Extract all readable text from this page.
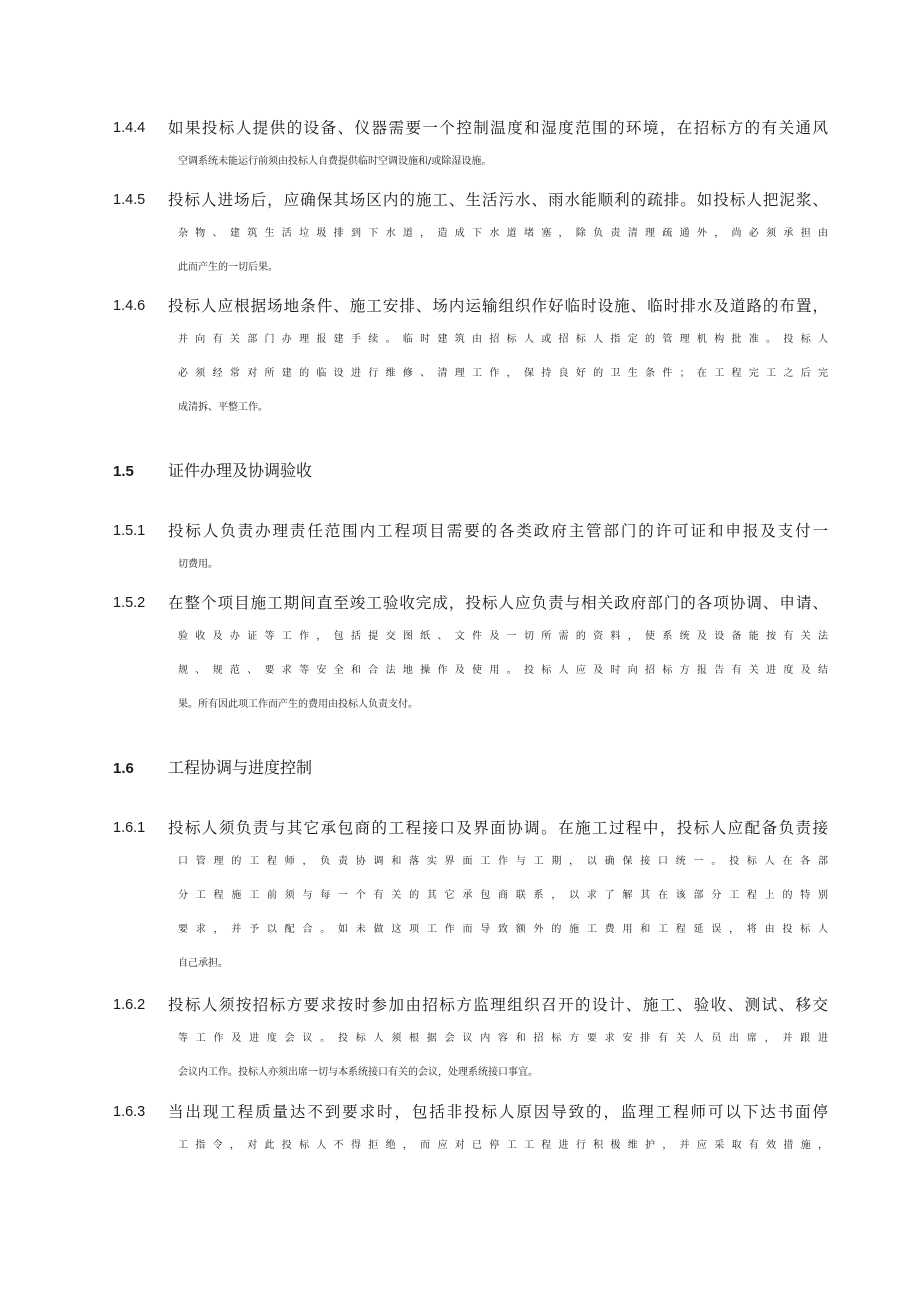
1.4.4	如果投标人提供的设备、仪器需要一个控制温度和湿度范围的环境，在招标方的有关通风
空调系统未能运行前须由投标人自费提供临时空调设施和/或除湿设施。
1.4.5	投标人进场后，应确保其场区内的施工、生活污水、雨水能顺利的疏排。如投标人把泥浆、
杂物、建筑生活垃圾排到下水道，造成下水道堵塞，除负责清理疏通外，尚必须承担由
此而产生的一切后果。
1.4.6	投标人应根据场地条件、施工安排、场内运输组织作好临时设施、临时排水及道路的布置，
并向有关部门办理报建手续。临时建筑由招标人或招标人指定的管理机构批准。投标人
必须经常对所建的临设进行维修、清理工作，保持良好的卫生条件；在工程完工之后完
成清拆、平整工作。
1.5 证件办理及协调验收
1.5.1	投标人负责办理责任范围内工程项目需要的各类政府主管部门的许可证和申报及支付一
切费用。
1.5.2	在整个项目施工期间直至竣工验收完成，投标人应负责与相关政府部门的各项协调、申请、
验收及办证等工作，包括提交图纸、文件及一切所需的资料，使系统及设备能按有关法
规、规范、要求等安全和合法地操作及使用。投标人应及时向招标方报告有关进度及结
果。所有因此项工作而产生的费用由投标人负责支付。
1.6 工程协调与进度控制
1.6.1	投标人须负责与其它承包商的工程接口及界面协调。在施工过程中，投标人应配备负责接
口管理的工程师，负责协调和落实界面工作与工期，以确保接口统一。投标人在各部
分工程施工前须与每一个有关的其它承包商联系，以求了解其在该部分工程上的特别
要求，并予以配合。如未做这项工作而导致额外的施工费用和工程延误，将由投标人
自己承担。
1.6.2	投标人须按招标方要求按时参加由招标方监理组织召开的设计、施工、验收、测试、移交
等工作及进度会议。投标人须根据会议内容和招标方要求安排有关人员出席，并跟进
会议内工作。投标人亦须出席一切与本系统接口有关的会议，处理系统接口事宜。
1.6.3	当出现工程质量达不到要求时，包括非投标人原因导致的，监理工程师可以下达书面停
工指令，对此投标人不得拒绝，而应对已停工工程进行积极维护，并应采取有效措施，
